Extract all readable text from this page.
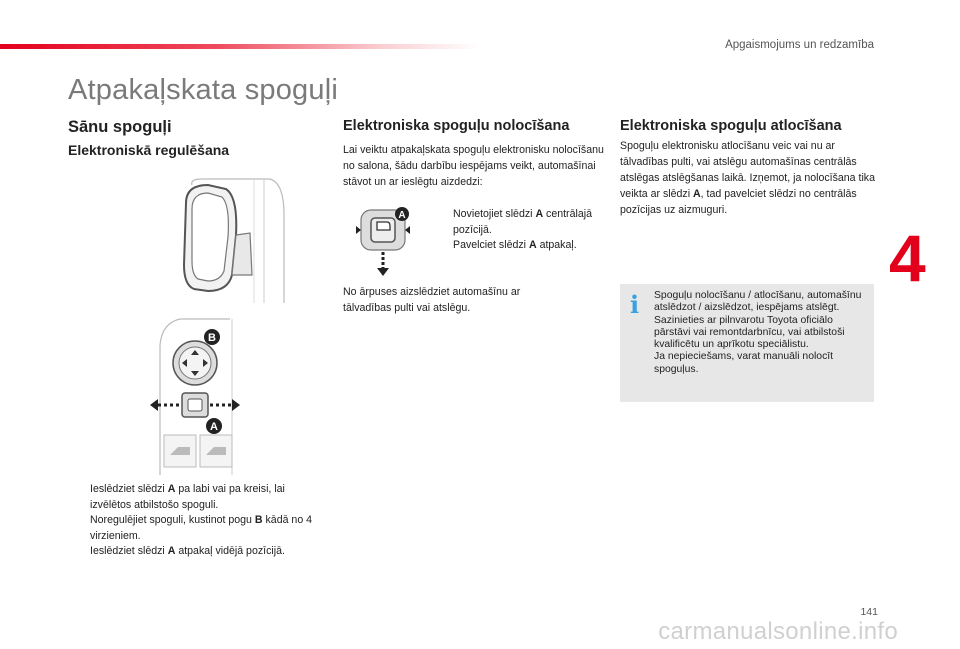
Apgaismojums un redzamība
Atpakaļskata spoguļi
Sānu spoguļi
Elektroniskā regulēšana
B
A
Ieslēdziet slēdzi A pa labi vai pa kreisi, lai izvēlētos atbilstošo spoguli.
Noregulējiet spoguli, kustinot pogu B kādā no 4 virzieniem.
Ieslēdziet slēdzi A atpakaļ vidējā pozīcijā.
Elektroniska spoguļu nolocīšana
Lai veiktu atpakaļskata spoguļu elektronisku nolocīšanu no salona, šādu darbību iespējams veikt, automašīnai stāvot un ar ieslēgtu aizdedzi:
A	Novietojiet slēdzi A centrālajā pozīcijā.
Pavelciet slēdzi A atpakaļ.
No ārpuses aizslēdziet automašīnu ar tālvadības pulti vai atslēgu.
Elektroniska spoguļu atlocīšana
Spoguļu elektronisku atlocīšanu veic vai nu ar tālvadības pulti, vai atslēgu automašīnas centrālās atslēgas atslēgšanas laikā. Izņemot, ja nolocīšana tika veikta ar slēdzi A, tad pavelciet slēdzi no centrālās pozīcijas uz aizmuguri.
4
i Spoguļu nolocīšanu / atlocīšanu, automašīnu atslēdzot / aizslēdzot, iespējams atslēgt. Sazinieties ar pilnvarotu Toyota oficiālo pārstāvi vai remontdarbnīcu, vai atbilstoši kvalificētu un aprīkotu speciālistu.
Ja nepieciešams, varat manuāli nolocīt spoguļus.
141
carmanualsonline.info
